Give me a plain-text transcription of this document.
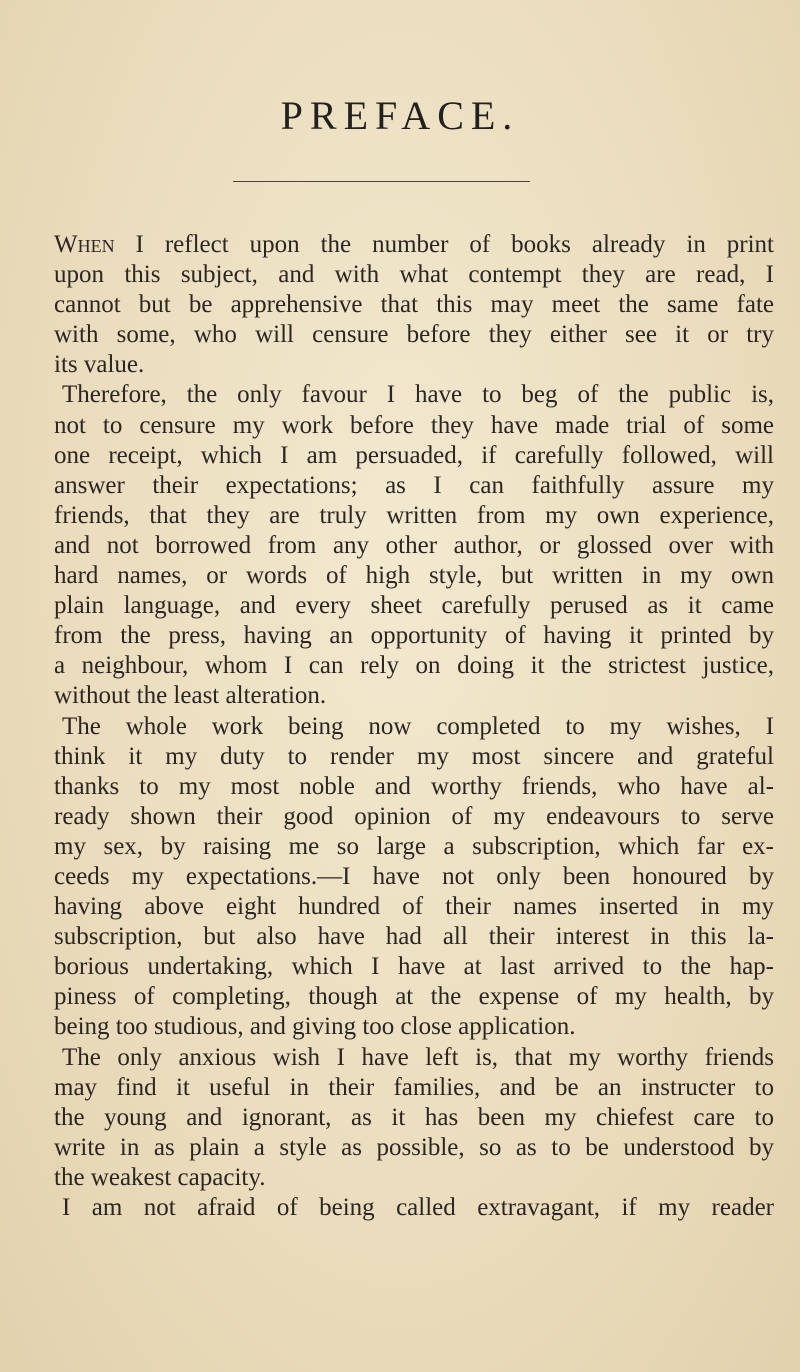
PREFACE.
When I reflect upon the number of books already in print
upon this subject, and with what contempt they are read, I
cannot but be apprehensive that this may meet the same fate
with some, who will censure before they either see it or try
its value.
Therefore, the only favour I have to beg of the public is,
not to censure my work before they have made trial of some
one receipt, which I am persuaded, if carefully followed, will
answer their expectations; as I can faithfully assure my
friends, that they are truly written from my own experience,
and not borrowed from any other author, or glossed over with
hard names, or words of high style, but written in my own
plain language, and every sheet carefully perused as it came
from the press, having an opportunity of having it printed by
a neighbour, whom I can rely on doing it the strictest justice,
without the least alteration.
The whole work being now completed to my wishes, I
think it my duty to render my most sincere and grateful
thanks to my most noble and worthy friends, who have al-
ready shown their good opinion of my endeavours to serve
my sex, by raising me so large a subscription, which far ex-
ceeds my expectations.—I have not only been honoured by
having above eight hundred of their names inserted in my
subscription, but also have had all their interest in this la-
borious undertaking, which I have at last arrived to the hap-
piness of completing, though at the expense of my health, by
being too studious, and giving too close application.
The only anxious wish I have left is, that my worthy friends
may find it useful in their families, and be an instructer to
the young and ignorant, as it has been my chiefest care to
write in as plain a style as possible, so as to be understood by
the weakest capacity.
I am not afraid of being called extravagant, if my reader
